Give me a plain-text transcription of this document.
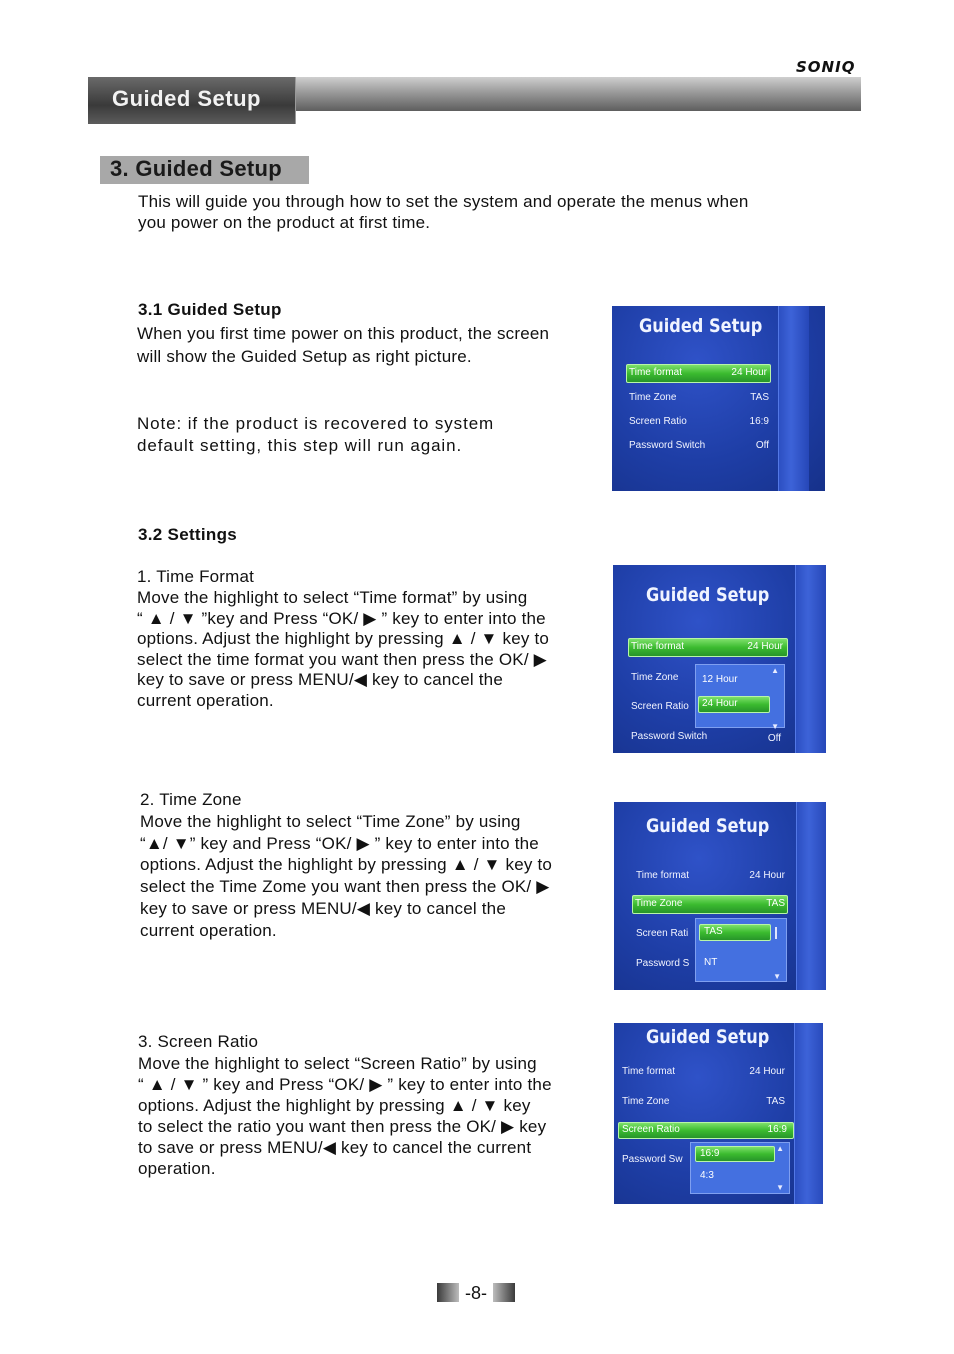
SONIQ
Guided Setup
3. Guided Setup
This will guide you through how to set the system and operate the menus when
you power on the product at first time.
3.1 Guided Setup
When you first time power on this product, the screen
will show the Guided Setup as right picture.
Note: if the product is recovered to system
default setting, this step will run again.
Guided Setup
Time format	24 Hour
Time Zone	TAS
Screen Ratio	16:9
Password Switch	Off
3.2 Settings
1. Time Format
Move the highlight to select “Time format” by using
“ ▲ / ▼ ”key and Press “OK/ ▶ ” key to enter into the
options. Adjust the highlight by pressing ▲ / ▼ key to
select the time format you want then press the OK/ ▶
key to save or press MENU/◀ key to cancel the
current operation.
Guided Setup
Time format	24 Hour
Time Zone
Screen Ratio
Password Switch	Off
▲
12 Hour
24 Hour
▼
2. Time Zone
Move the highlight to select “Time Zone” by using
“▲/ ▼” key and Press “OK/ ▶ ” key to enter into the
options. Adjust the highlight by pressing ▲ / ▼ key to
select the Time Zome you want then press the OK/ ▶
key to save or press MENU/◀ key to cancel the
current operation.
Guided Setup
Time format	24 Hour
Time Zone	TAS
Screen Rati
Password S
TAS
NT
▼
3. Screen Ratio
Move the highlight to select “Screen Ratio” by using
“ ▲ / ▼ ” key and Press “OK/ ▶ ” key to enter into the
options. Adjust the highlight by pressing ▲ / ▼ key
to select the ratio you want then press the OK/ ▶ key
to save or press MENU/◀ key to cancel the current
operation.
Guided Setup
Time format	24 Hour
Time Zone	TAS
Screen Ratio	16:9
Password Sw
▲
16:9
4:3
▼
-8-
